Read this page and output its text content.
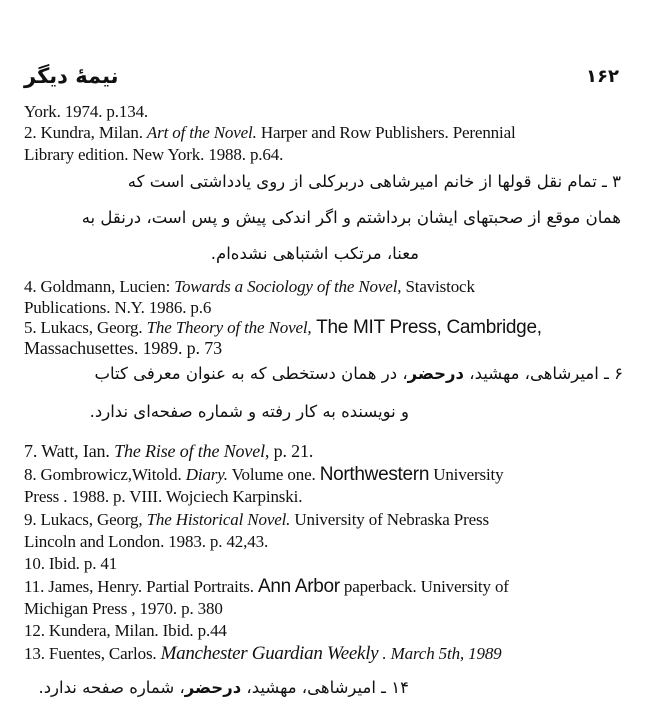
نیمهٔ دیگر	۱۶۲
York. 1974. p.134.
2. Kundra, Milan. Art of the Novel. Harper and Row Publishers. Perennial
Library edition. New York. 1988. p.64.
۳ ـ تمام نقل قولها از خانم امیرشاهی دربرکلی از روی یادداشتی است که
همان موقع از صحبتهای ایشان برداشتم و اگر اندکی پیش و پس است، درنقل به
معنا، مرتکب اشتباهی نشده‌ام.
4. Goldmann, Lucien: Towards a Sociology of the Novel, Stavistock
Publications. N.Y. 1986. p.6
5. Lukacs, Georg. The Theory of the Novel, The MIT Press, Cambridge,
Massachusettes. 1989. p. 73
۶ ـ امیرشاهی، مهشید، درحضر، در همان دستخطی که به عنوان معرفی کتاب
و نویسنده به کار رفته و شماره صفحه‌ای ندارد.
7. Watt, Ian. The Rise of the Novel, p. 21.
8. Gombrowicz,Witold. Diary. Volume one. Northwestern University
Press . 1988. p. VIII. Wojciech Karpinski.
9. Lukacs, Georg, The Historical Novel. University of Nebraska Press
Lincoln and London. 1983. p. 42,43.
10. Ibid. p. 41
11. James, Henry. Partial Portraits. Ann Arbor paperback. University of
Michigan Press , 1970. p. 380
12. Kundera, Milan. Ibid. p.44
13. Fuentes, Carlos. Manchester Guardian Weekly . March 5th, 1989
۱۴ ـ امیرشاهی، مهشید، درحضر، شماره صفحه ندارد.
